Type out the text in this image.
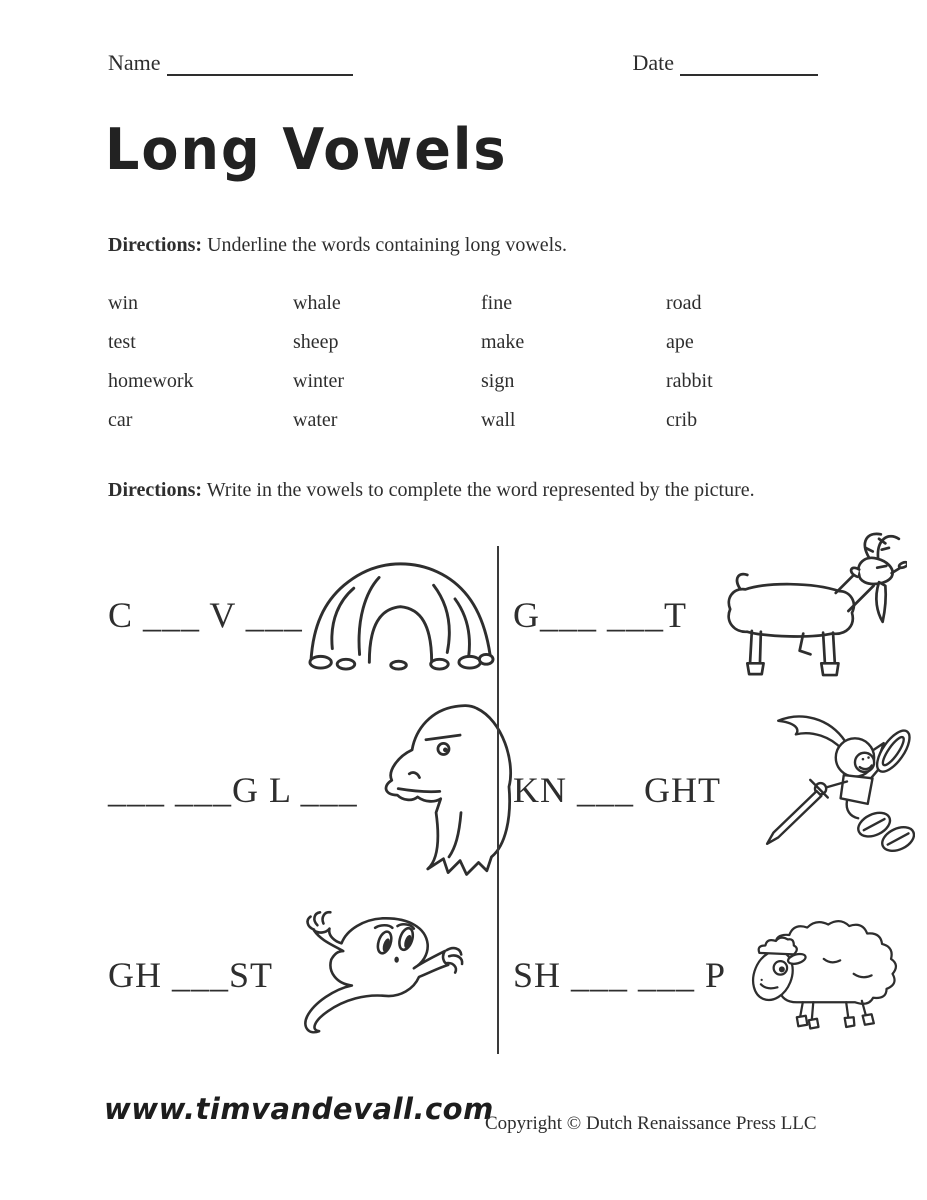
Name	Date
Long Vowels
Directions: Underline the words containing long vowels.
win	whale	fine	road
test	sheep	make	ape
homework	winter	sign	rabbit
car	water	wall	crib
Directions: Write in the vowels to complete the word represented by the picture.
C ___ V ___	G___ ___T
___ ___G L ___	KN ___ GHT
GH ___ST	SH ___ ___ P
www.timvandevall.com
Copyright © Dutch Renaissance Press LLC
